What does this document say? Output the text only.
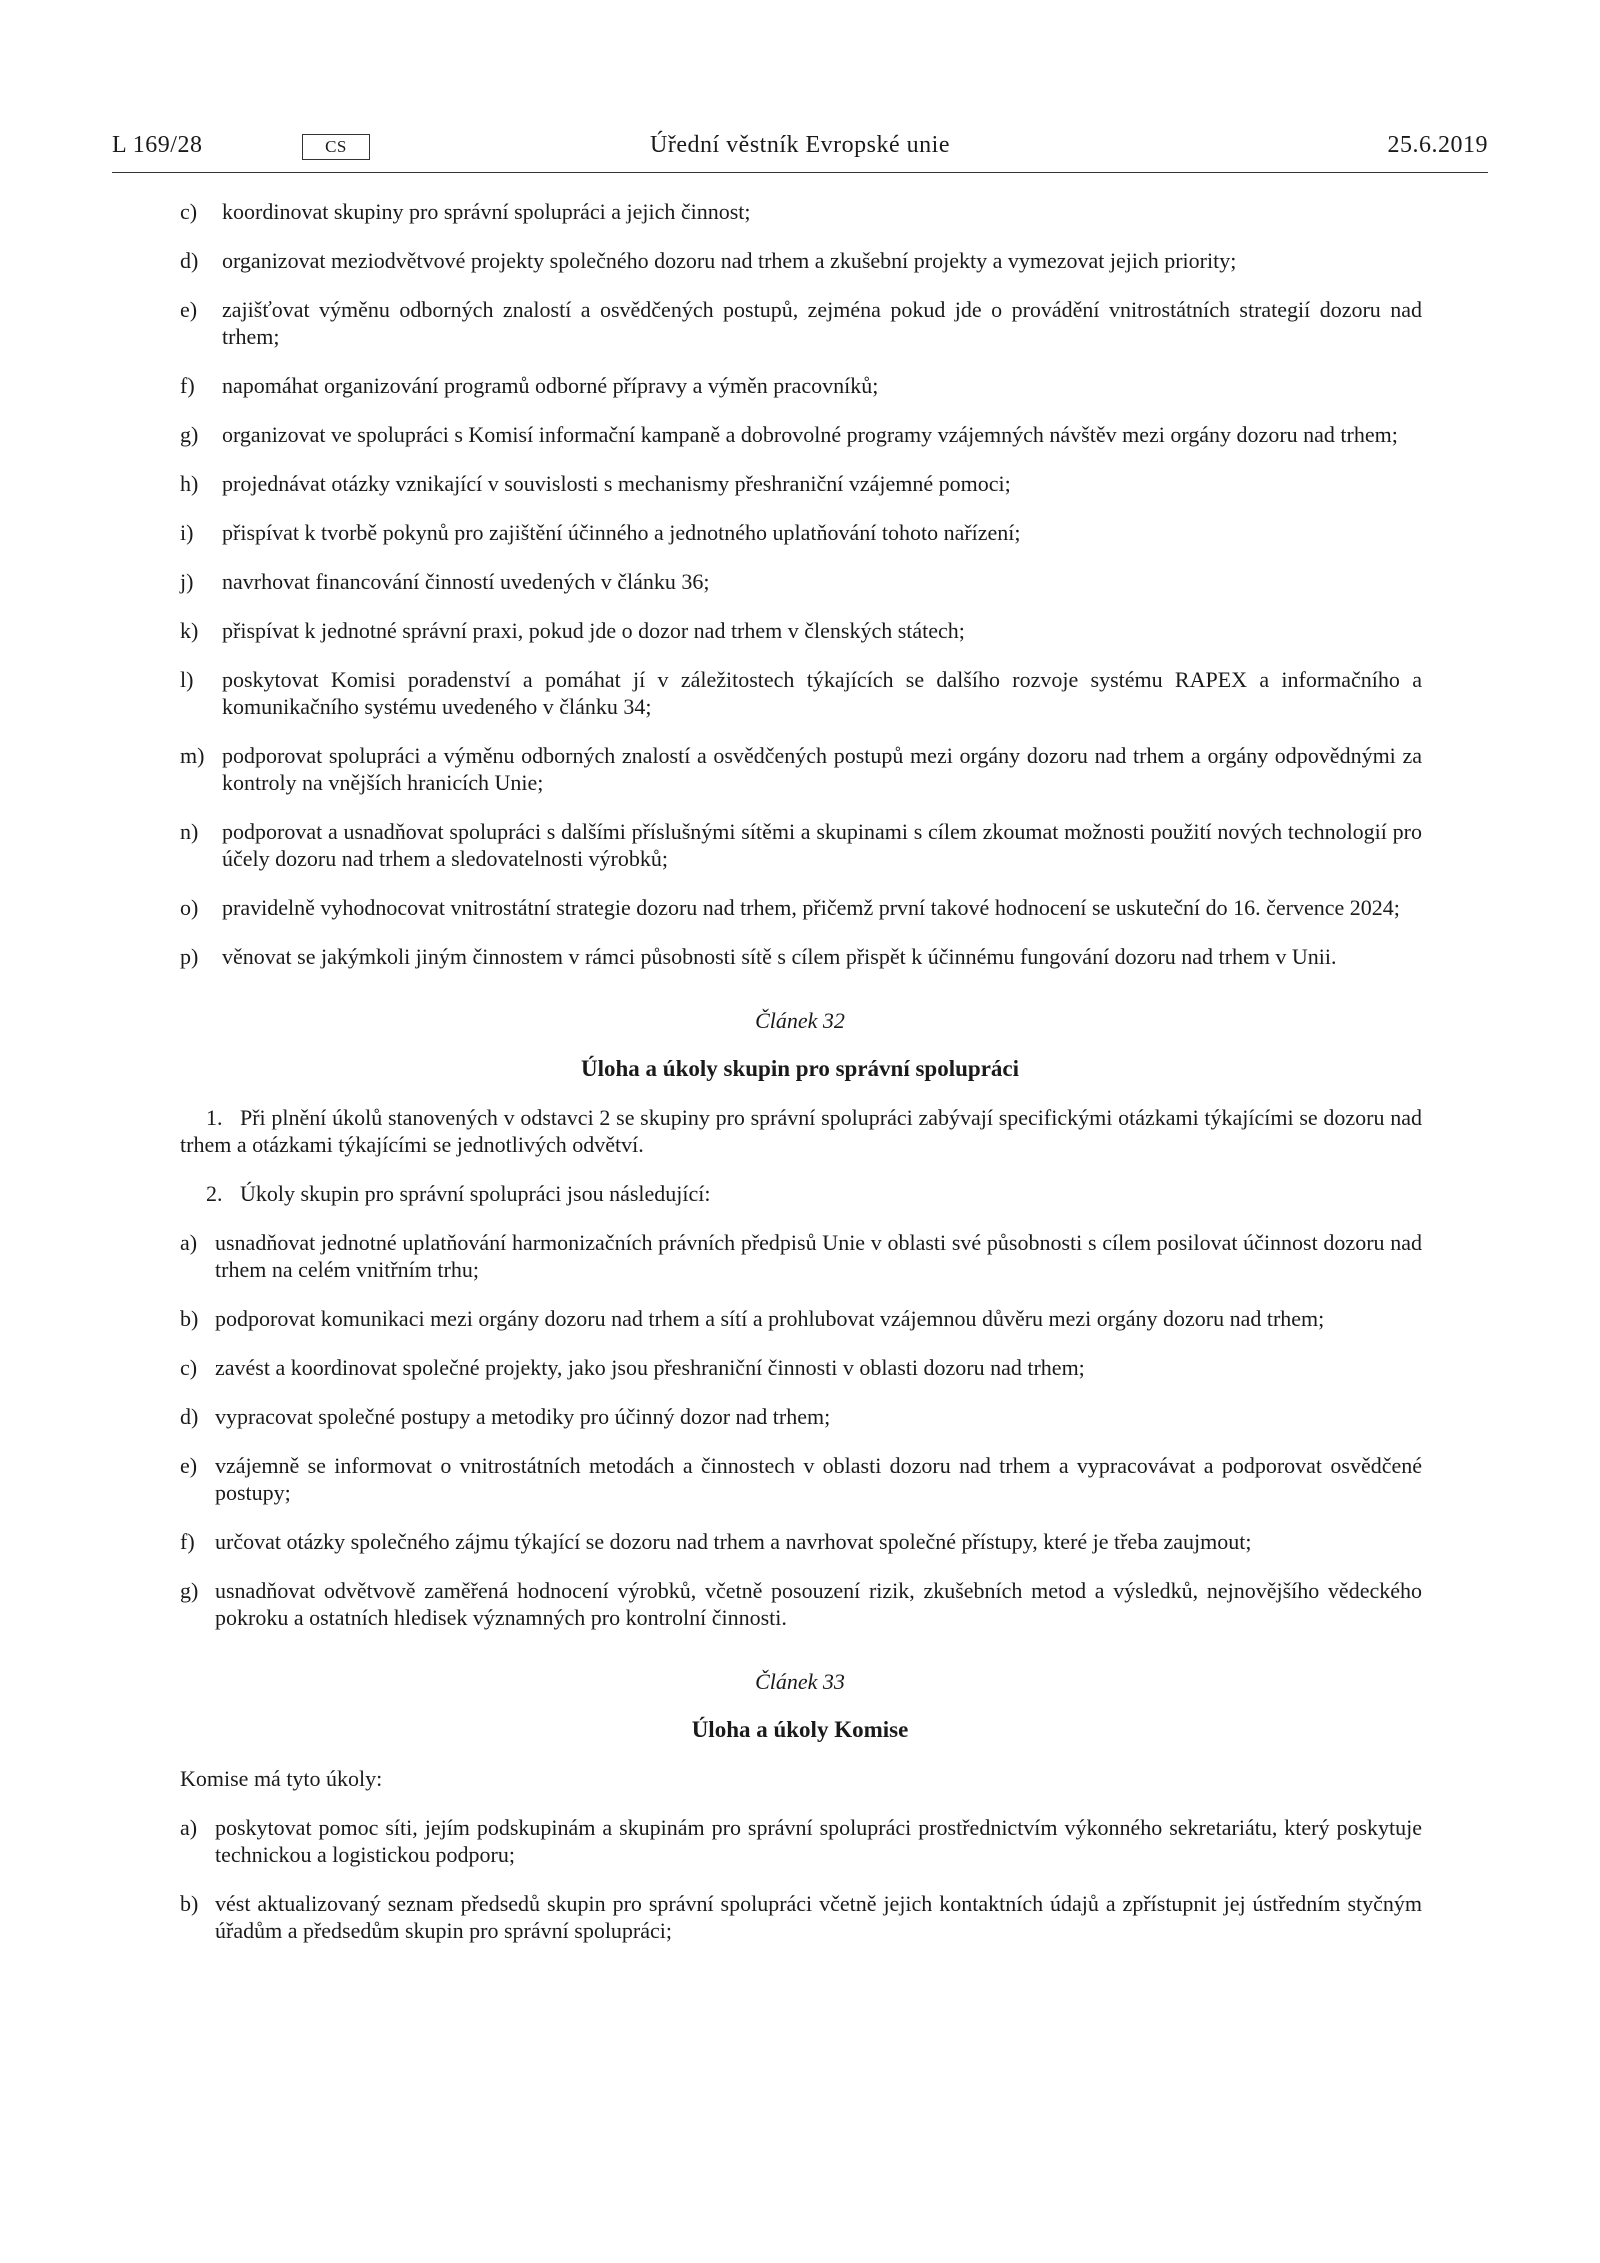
L 169/28	CS	Úřední věstník Evropské unie	25.6.2019
c) koordinovat skupiny pro správní spolupráci a jejich činnost;
d) organizovat meziodvětvové projekty společného dozoru nad trhem a zkušební projekty a vymezovat jejich priority;
e) zajišťovat výměnu odborných znalostí a osvědčených postupů, zejména pokud jde o provádění vnitrostátních strategií dozoru nad trhem;
f) napomáhat organizování programů odborné přípravy a výměn pracovníků;
g) organizovat ve spolupráci s Komisí informační kampaně a dobrovolné programy vzájemných návštěv mezi orgány dozoru nad trhem;
h) projednávat otázky vznikající v souvislosti s mechanismy přeshraniční vzájemné pomoci;
i) přispívat k tvorbě pokynů pro zajištění účinného a jednotného uplatňování tohoto nařízení;
j) navrhovat financování činností uvedených v článku 36;
k) přispívat k jednotné správní praxi, pokud jde o dozor nad trhem v členských státech;
l) poskytovat Komisi poradenství a pomáhat jí v záležitostech týkajících se dalšího rozvoje systému RAPEX a informačního a komunikačního systému uvedeného v článku 34;
m) podporovat spolupráci a výměnu odborných znalostí a osvědčených postupů mezi orgány dozoru nad trhem a orgány odpovědnými za kontroly na vnějších hranicích Unie;
n) podporovat a usnadňovat spolupráci s dalšími příslušnými sítěmi a skupinami s cílem zkoumat možnosti použití nových technologií pro účely dozoru nad trhem a sledovatelnosti výrobků;
o) pravidelně vyhodnocovat vnitrostátní strategie dozoru nad trhem, přičemž první takové hodnocení se uskuteční do 16. července 2024;
p) věnovat se jakýmkoli jiným činnostem v rámci působnosti sítě s cílem přispět k účinnému fungování dozoru nad trhem v Unii.
Článek 32
Úloha a úkoly skupin pro správní spolupráci
1. Při plnění úkolů stanovených v odstavci 2 se skupiny pro správní spolupráci zabývají specifickými otázkami týkajícími se dozoru nad trhem a otázkami týkajícími se jednotlivých odvětví.
2. Úkoly skupin pro správní spolupráci jsou následující:
a) usnadňovat jednotné uplatňování harmonizačních právních předpisů Unie v oblasti své působnosti s cílem posilovat účinnost dozoru nad trhem na celém vnitřním trhu;
b) podporovat komunikaci mezi orgány dozoru nad trhem a sítí a prohlubovat vzájemnou důvěru mezi orgány dozoru nad trhem;
c) zavést a koordinovat společné projekty, jako jsou přeshraniční činnosti v oblasti dozoru nad trhem;
d) vypracovat společné postupy a metodiky pro účinný dozor nad trhem;
e) vzájemně se informovat o vnitrostátních metodách a činnostech v oblasti dozoru nad trhem a vypracovávat a podporovat osvědčené postupy;
f) určovat otázky společného zájmu týkající se dozoru nad trhem a navrhovat společné přístupy, které je třeba zaujmout;
g) usnadňovat odvětvově zaměřená hodnocení výrobků, včetně posouzení rizik, zkušebních metod a výsledků, nejnovějšího vědeckého pokroku a ostatních hledisek významných pro kontrolní činnosti.
Článek 33
Úloha a úkoly Komise
Komise má tyto úkoly:
a) poskytovat pomoc síti, jejím podskupinám a skupinám pro správní spolupráci prostřednictvím výkonného sekretariátu, který poskytuje technickou a logistickou podporu;
b) vést aktualizovaný seznam předsedů skupin pro správní spolupráci včetně jejich kontaktních údajů a zpřístupnit jej ústředním styčným úřadům a předsedům skupin pro správní spolupráci;
